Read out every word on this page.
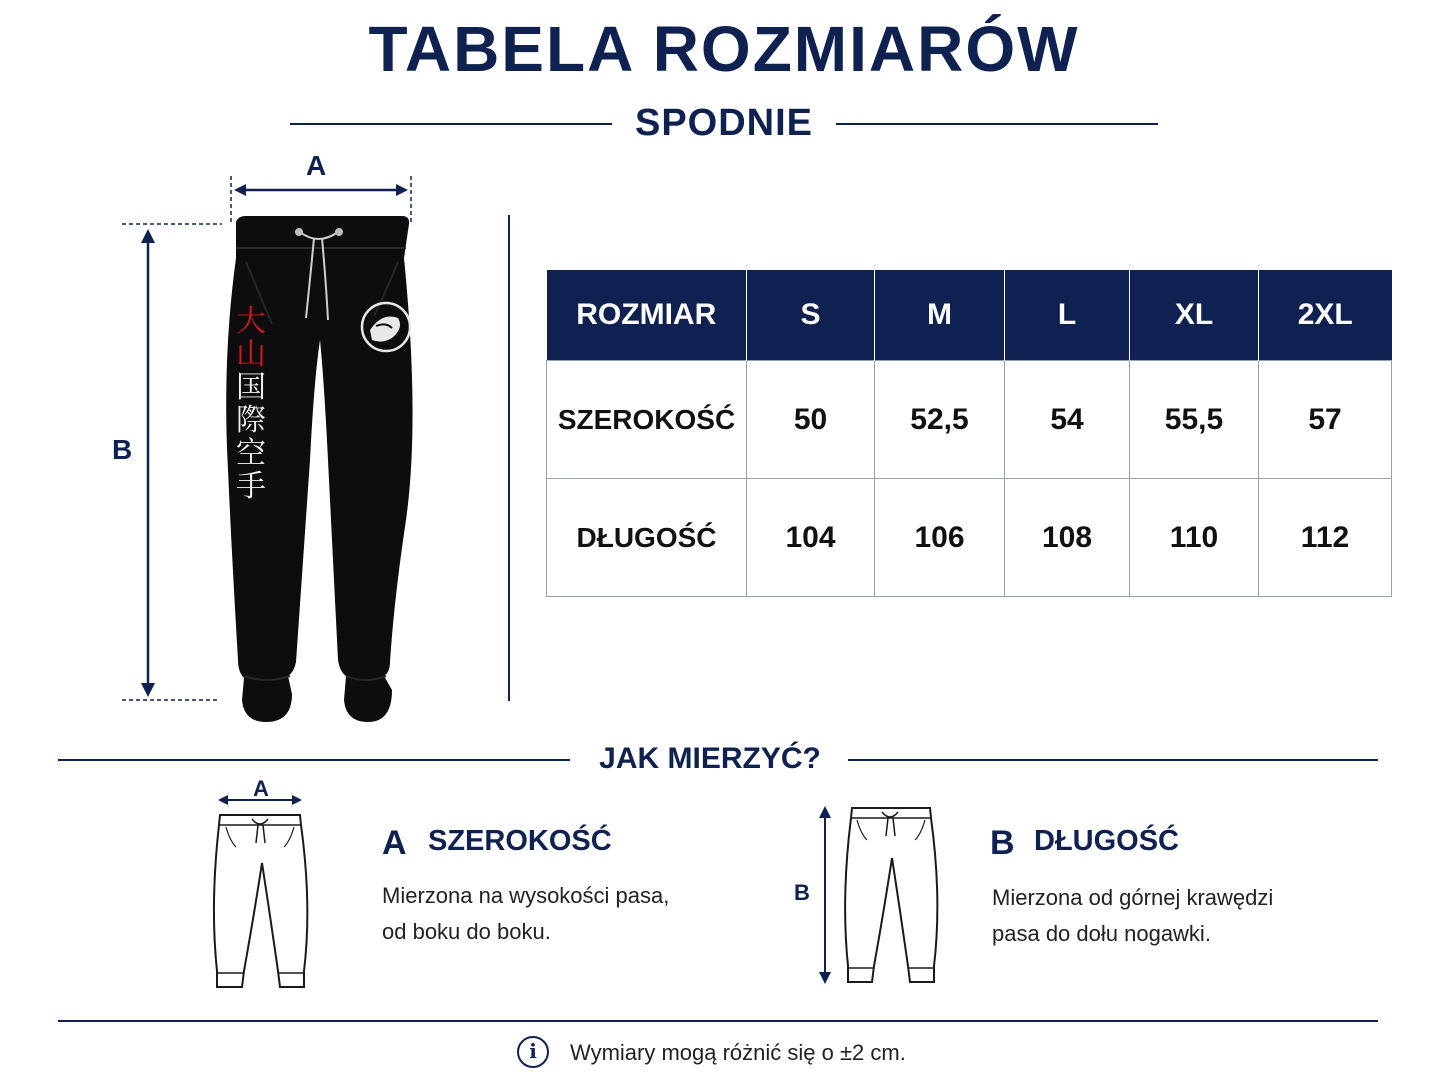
TABELA ROZMIARÓW
SPODNIE
大
山
国
際
空
手
A
B
ROZMIAR	S	M	L	XL	2XL
SZEROKOŚĆ	50	52,5	54	55,5	57
DŁUGOŚĆ	104	106	108	110	112
JAK MIERZYĆ?
A
A SZEROKOŚĆ
Mierzona na wysokości pasa,
od boku do boku.
B
B DŁUGOŚĆ
Mierzona od górnej krawędzi
pasa do dołu nogawki.
i	Wymiary mogą różnić się o ±2 cm.
